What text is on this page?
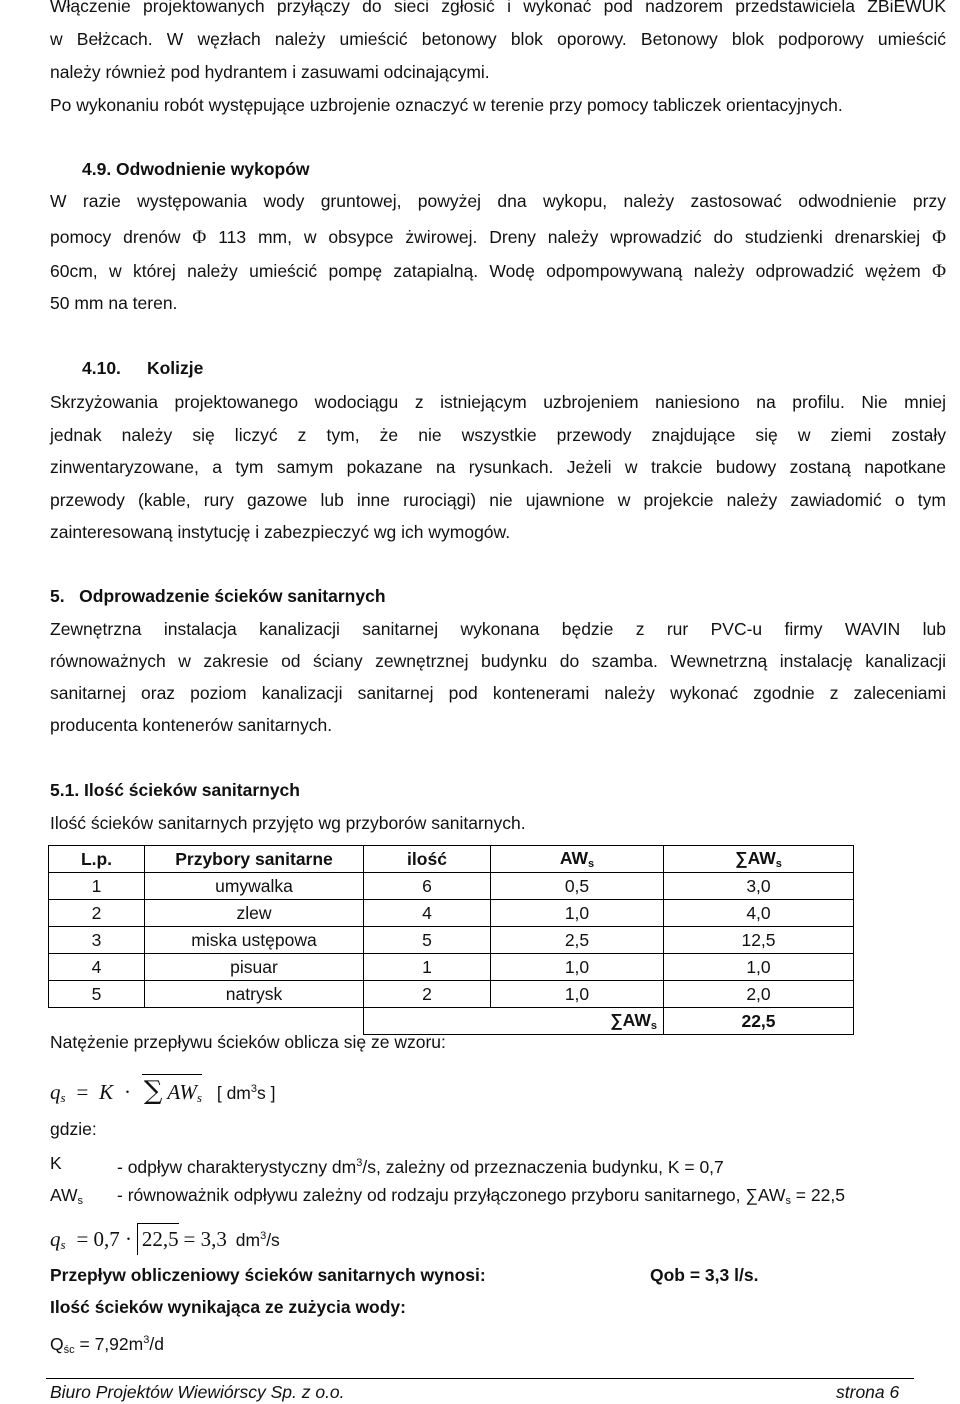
Włączenie projektowanych przyłączy do sieci zgłosić i wykonać pod nadzorem przedstawiciela ZBiEWUK
w Bełżcach. W węzłach należy umieścić betonowy blok oporowy. Betonowy blok podporowy umieścić
należy również pod hydrantem i zasuwami odcinającymi.
Po wykonaniu robót występujące uzbrojenie oznaczyć w terenie przy pomocy tabliczek orientacyjnych.
4.9. Odwodnienie wykopów
W razie występowania wody gruntowej, powyżej dna wykopu, należy zastosować odwodnienie przy
pomocy drenów Φ 113 mm, w obsypce żwirowej. Dreny należy wprowadzić do studzienki drenarskiej Φ
60cm, w której należy umieścić pompę zatapialną. Wodę odpompowywaną należy odprowadzić wężem Φ
50 mm na teren.
4.10. Kolizje
Skrzyżowania projektowanego wodociągu z istniejącym uzbrojeniem naniesiono na profilu. Nie mniej
jednak należy się liczyć z tym, że nie wszystkie przewody znajdujące się w ziemi zostały
zinwentaryzowane, a tym samym pokazane na rysunkach. Jeżeli w trakcie budowy zostaną napotkane
przewody (kable, rury gazowe lub inne rurociągi) nie ujawnione w projekcie należy zawiadomić o tym
zainteresowaną instytucję i zabezpieczyć wg ich wymogów.
5.   Odprowadzenie ścieków sanitarnych
Zewnętrzna instalacja kanalizacji sanitarnej wykonana będzie z rur PVC-u firmy WAVIN lub
równoważnych w zakresie od ściany zewnętrznej budynku do szamba. Wewnetrzną instalację kanalizacji
sanitarnej oraz poziom kanalizacji sanitarnej pod kontenerami należy wykonać zgodnie z zaleceniami
producenta kontenerów sanitarnych.
5.1. Ilość ścieków sanitarnych
Ilość ścieków sanitarnych przyjęto wg przyborów sanitarnych.
L.p.	Przybory sanitarne	ilość	$AW_s$	$\sum AW_s$
1	umywalka	6	0,5	3,0
2	zlew	4	1,0	4,0
3	miska ustępowa	5	2,5	12,5
4	pisuar	1	1,0	1,0
5	natrysk	2	1,0	2,0
		$\sum AW_s$		22,5
Natężenie przepływu ścieków oblicza się ze wzoru:
$q_s = K$ · ∑ $AW_s$ [ $dm^3s$ ]
gdzie:
K	- odpływ charakterystyczny $dm^3/s$, zależny od przeznaczenia budynku, K = 0,7
$AW_s$ - równoważnik odpływu zależny od rodzaju przyłączonego przyboru sanitarnego, $\sum AW_s = 22,5$
$q_s = 0,7 \cdot 22,5 = 3,3$ $dm^3/s$
Przepływ obliczeniowy ścieków sanitarnych wynosi:	Qob = 3,3 l/s.
Ilość ścieków wynikająca ze zużycia wody:
$Q_{śc} = 7,92m^3/d$
Biuro Projektów Wiewiórscy Sp. z o.o.	strona 6
